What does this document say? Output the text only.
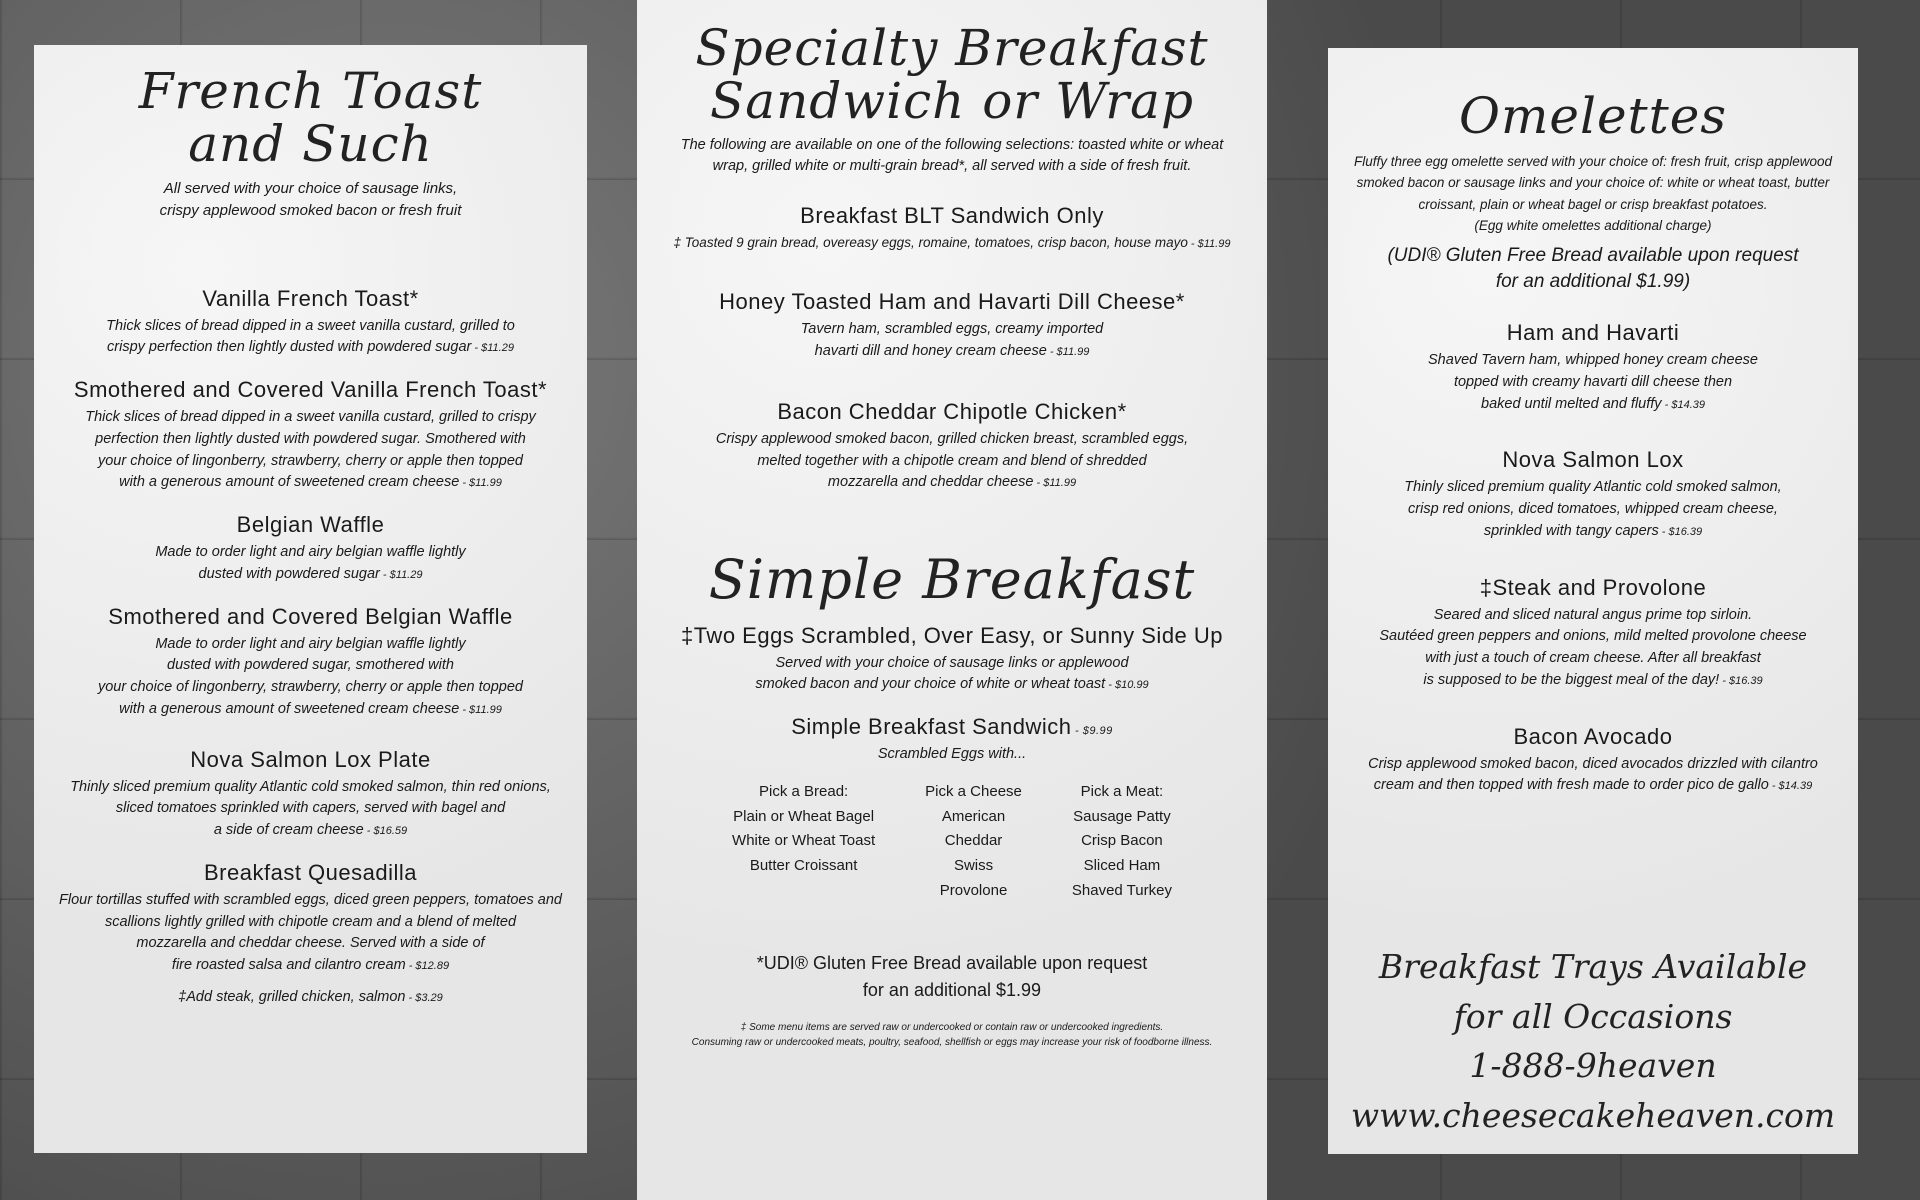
French Toast
and Such

All served with your choice of sausage links,
crispy applewood smoked bacon or fresh fruit

Vanilla French Toast*

Thick slices of bread dipped in a sweet vanilla custard, grilled to
crispy perfection then lightly dusted with powdered sugar - $11.29

Smothered and Covered Vanilla French Toast*

Thick slices of bread dipped in a sweet vanilla custard, grilled to crispy
perfection then lightly dusted with powdered sugar. Smothered with
your choice of lingonberry, strawberry, cherry or apple then topped
with a generous amount of sweetened cream cheese - $11.99

Belgian Waffle

Made to order light and airy belgian waffle lightly
dusted with powdered sugar - $11.29

Smothered and Covered Belgian Waffle

Made to order light and airy belgian waffle lightly
dusted with powdered sugar, smothered with
your choice of lingonberry, strawberry, cherry or apple then topped
with a generous amount of sweetened cream cheese - $11.99

Nova Salmon Lox Plate

Thinly sliced premium quality Atlantic cold smoked salmon, thin red onions,
sliced tomatoes sprinkled with capers, served with bagel and
a side of cream cheese - $16.59

Breakfast Quesadilla

Flour tortillas stuffed with scrambled eggs, diced green peppers, tomatoes and
scallions lightly grilled with chipotle cream and a blend of melted
mozzarella and cheddar cheese. Served with a side of
fire roasted salsa and cilantro cream - $12.89

‡Add steak, grilled chicken, salmon - $3.29

Specialty Breakfast
Sandwich or Wrap

The following are available on one of the following selections: toasted white or wheat
wrap, grilled white or multi-grain bread*, all served with a side of fresh fruit.

Breakfast BLT Sandwich Only

‡ Toasted 9 grain bread, overeasy eggs, romaine, tomatoes, crisp bacon, house mayo - $11.99

Honey Toasted Ham and Havarti Dill Cheese*

Tavern ham, scrambled eggs, creamy imported
havarti dill and honey cream cheese - $11.99

Bacon Cheddar Chipotle Chicken*

Crispy applewood smoked bacon, grilled chicken breast, scrambled eggs,
melted together with a chipotle cream and blend of shredded
mozzarella and cheddar cheese - $11.99

Simple Breakfast
‡Two Eggs Scrambled, Over Easy, or Sunny Side Up

Served with your choice of sausage links or applewood
smoked bacon and your choice of white or wheat toast - $10.99

Simple Breakfast Sandwich - $9.99

Scrambled Eggs with...

Pick a Bread:
Plain or Wheat Bagel
White or Wheat Toast
Butter Croissant
Pick a Cheese
American
Cheddar
Swiss
Provolone
Pick a Meat:
Sausage Patty
Crisp Bacon
Sliced Ham
Shaved Turkey
*UDI® Gluten Free Bread available upon request
for an additional $1.99
‡ Some menu items are served raw or undercooked or contain raw or undercooked ingredients.
Consuming raw or undercooked meats, poultry, seafood, shellfish or eggs may increase your risk of foodborne illness.
Omelettes

Fluffy three egg omelette served with your choice of: fresh fruit, crisp applewood
smoked bacon or sausage links and your choice of: white or wheat toast, butter
croissant, plain or wheat bagel or crisp breakfast potatoes.
(Egg white omelettes additional charge)

(UDI® Gluten Free Bread available upon request
for an additional $1.99)
Ham and Havarti

Shaved Tavern ham, whipped honey cream cheese
topped with creamy havarti dill cheese then
baked until melted and fluffy - $14.39

Nova Salmon Lox

Thinly sliced premium quality Atlantic cold smoked salmon,
crisp red onions, diced tomatoes, whipped cream cheese,
sprinkled with tangy capers - $16.39

‡Steak and Provolone

Seared and sliced natural angus prime top sirloin.
Sautéed green peppers and onions, mild melted provolone cheese
with just a touch of cream cheese. After all breakfast
is supposed to be the biggest meal of the day! - $16.39

Bacon Avocado

Crisp applewood smoked bacon, diced avocados drizzled with cilantro
cream and then topped with fresh made to order pico de gallo - $14.39

Breakfast Trays Available
for all Occasions
1-888-9heaven
www.cheesecakeheaven.com
